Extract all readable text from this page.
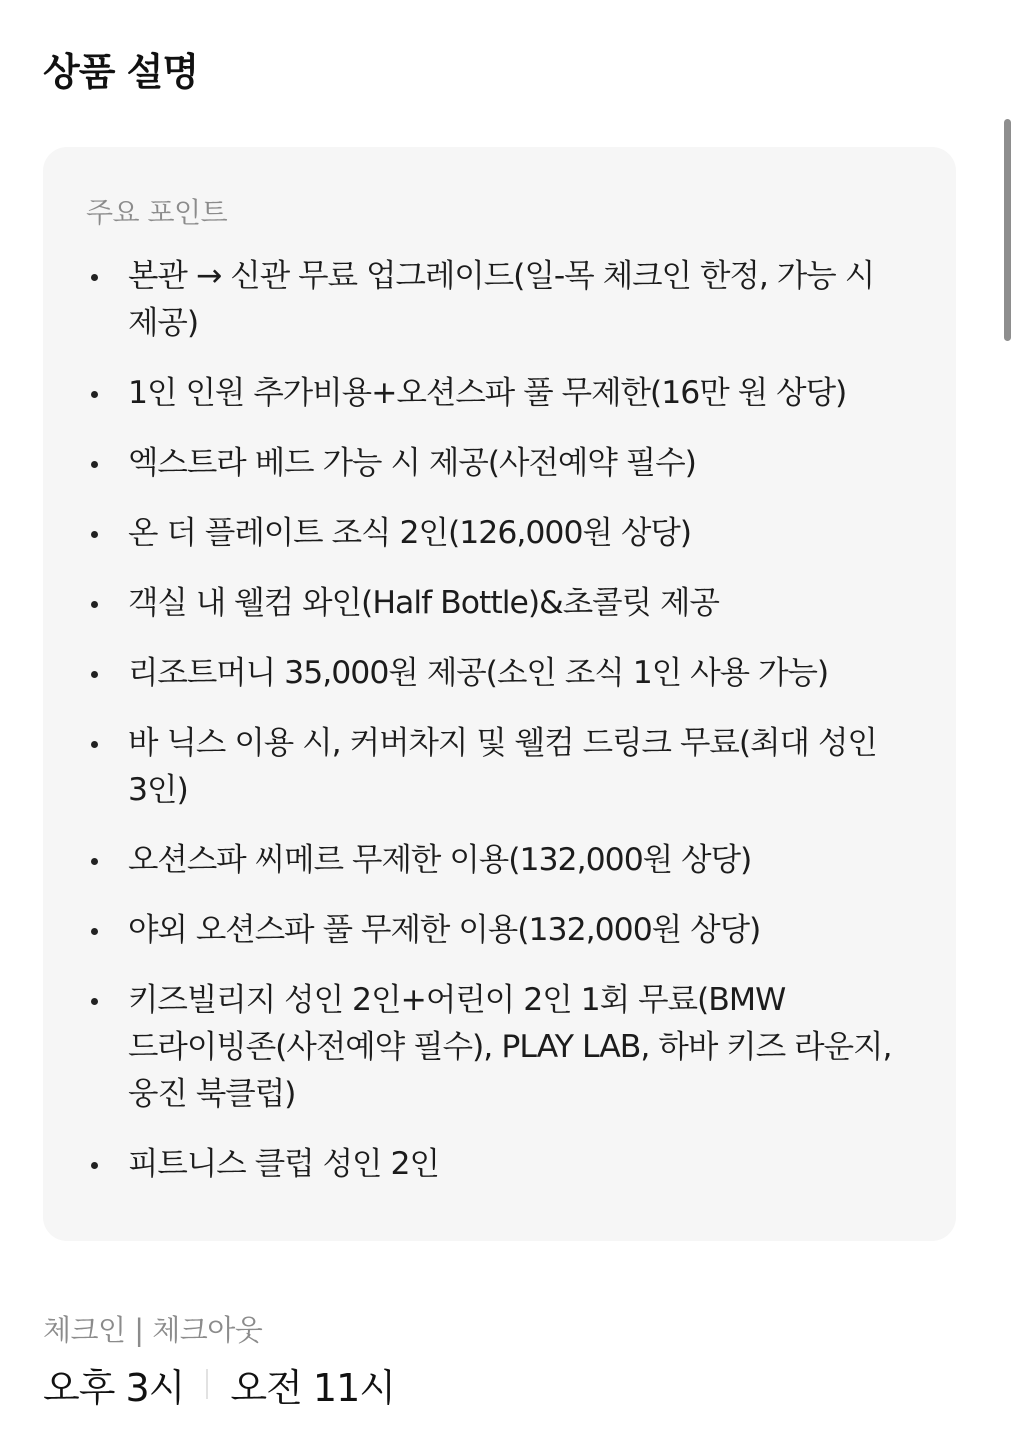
상품 설명
주요 포인트
본관 → 신관 무료 업그레이드(일-목 체크인 한정, 가능 시 제공)
1인 인원 추가비용+오션스파 풀 무제한(16만 원 상당)
엑스트라 베드 가능 시 제공(사전예약 필수)
온 더 플레이트 조식 2인(126,000원 상당)
객실 내 웰컴 와인(Half Bottle)&초콜릿 제공
리조트머니 35,000원 제공(소인 조식 1인 사용 가능)
바 닉스 이용 시, 커버차지 및 웰컴 드링크 무료(최대 성인 3인)
오션스파 씨메르 무제한 이용(132,000원 상당)
야외 오션스파 풀 무제한 이용(132,000원 상당)
키즈빌리지 성인 2인+어린이 2인 1회 무료(BMW 드라이빙존(사전예약 필수), PLAY LAB, 하바 키즈 라운지, 웅진 북클럽)
피트니스 클럽 성인 2인
체크인 | 체크아웃
오후 3시 오전 11시
